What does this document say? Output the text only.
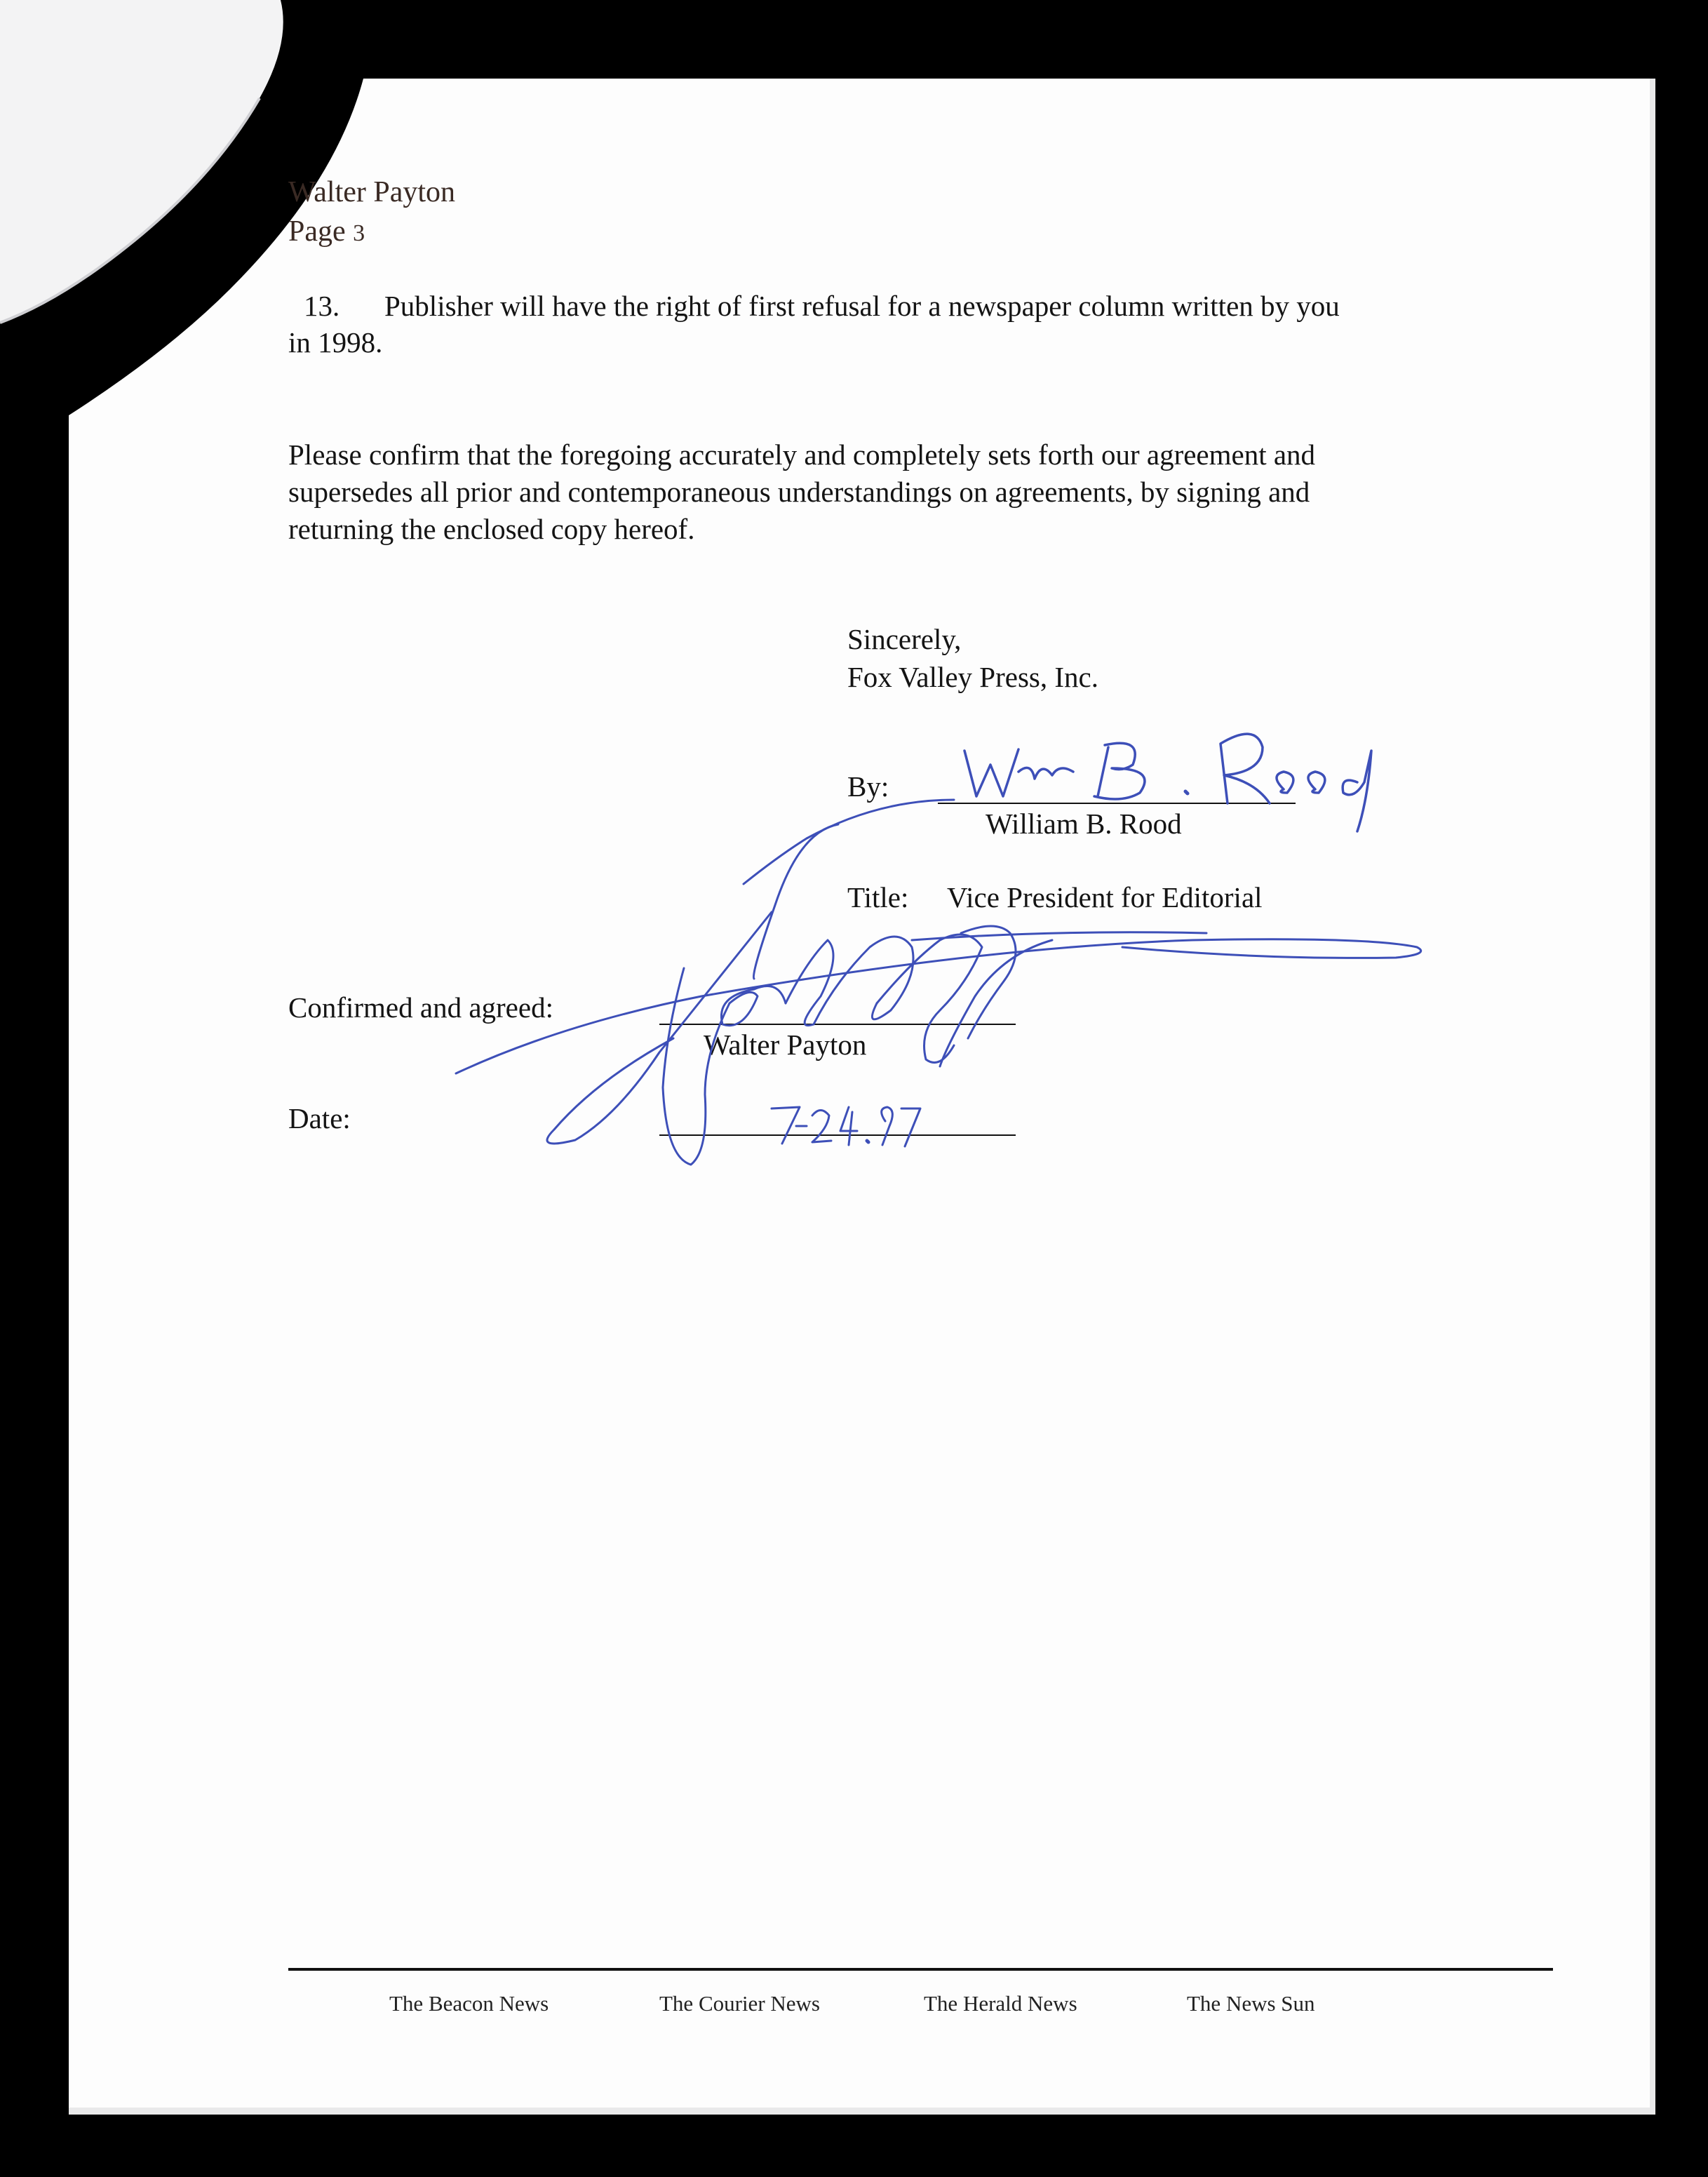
Walter Payton
Page 3
13. Publisher will have the right of first refusal for a newspaper column written by you
in 1998.
Please confirm that the foregoing accurately and completely sets forth our agreement and
supersedes all prior and contemporaneous understandings on agreements, by signing and
returning the enclosed copy hereof.
Sincerely,
Fox Valley Press, Inc.
By:
William B. Rood
Title: Vice President for Editorial
Confirmed and agreed:
Walter Payton
Date:
The Beacon News	The Courier News	The Herald News	The News Sun
